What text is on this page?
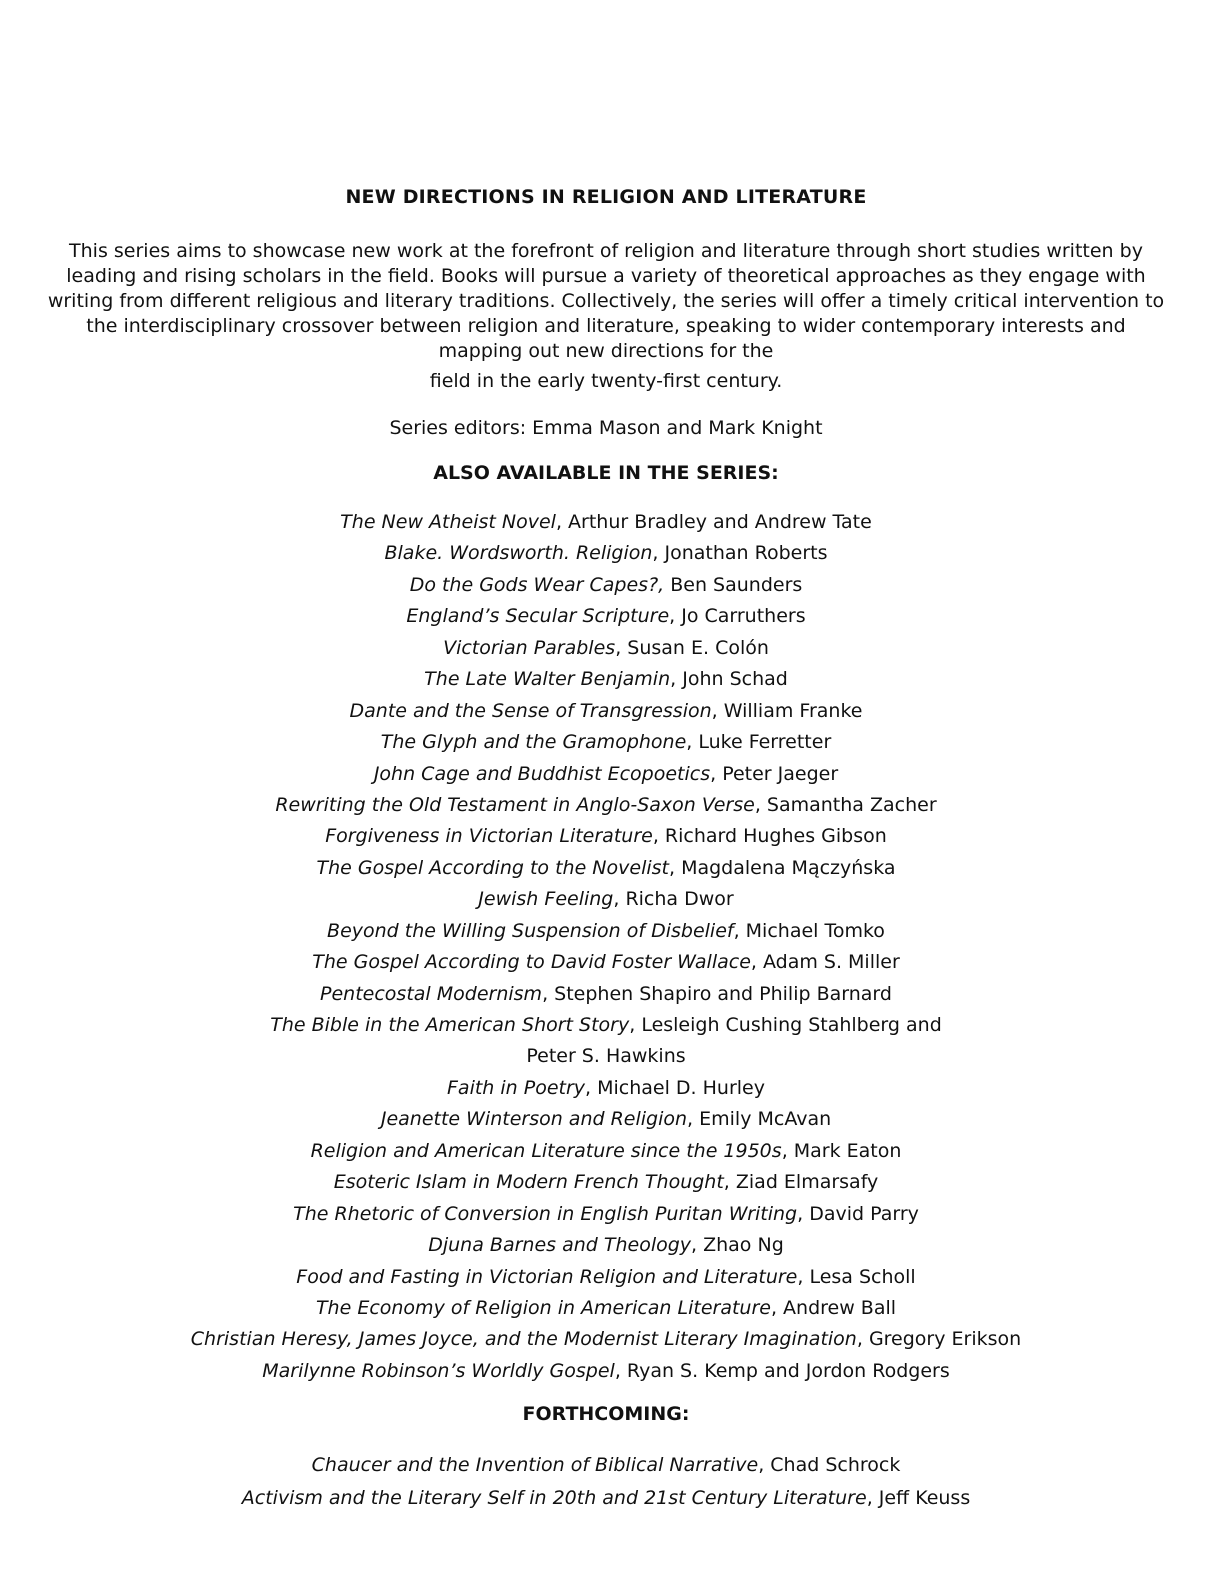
NEW DIRECTIONS IN RELIGION AND LITERATURE
This series aims to showcase new work at the forefront of religion and literature through short studies written by leading and rising scholars in the field. Books will pursue a variety of theoretical approaches as they engage with writing from different religious and literary traditions. Collectively, the series will offer a timely critical intervention to the interdisciplinary crossover between religion and literature, speaking to wider contemporary interests and mapping out new directions for the
field in the early twenty-first century.
Series editors: Emma Mason and Mark Knight
ALSO AVAILABLE IN THE SERIES:
The New Atheist Novel, Arthur Bradley and Andrew Tate
Blake. Wordsworth. Religion, Jonathan Roberts
Do the Gods Wear Capes?, Ben Saunders
England’s Secular Scripture, Jo Carruthers
Victorian Parables, Susan E. Colón
The Late Walter Benjamin, John Schad
Dante and the Sense of Transgression, William Franke
The Glyph and the Gramophone, Luke Ferretter
John Cage and Buddhist Ecopoetics, Peter Jaeger
Rewriting the Old Testament in Anglo-Saxon Verse, Samantha Zacher
Forgiveness in Victorian Literature, Richard Hughes Gibson
The Gospel According to the Novelist, Magdalena Mączyńska
Jewish Feeling, Richa Dwor
Beyond the Willing Suspension of Disbelief, Michael Tomko
The Gospel According to David Foster Wallace, Adam S. Miller
Pentecostal Modernism, Stephen Shapiro and Philip Barnard
The Bible in the American Short Story, Lesleigh Cushing Stahlberg and
Peter S. Hawkins
Faith in Poetry, Michael D. Hurley
Jeanette Winterson and Religion, Emily McAvan
Religion and American Literature since the 1950s, Mark Eaton
Esoteric Islam in Modern French Thought, Ziad Elmarsafy
The Rhetoric of Conversion in English Puritan Writing, David Parry
Djuna Barnes and Theology, Zhao Ng
Food and Fasting in Victorian Religion and Literature, Lesa Scholl
The Economy of Religion in American Literature, Andrew Ball
Christian Heresy, James Joyce, and the Modernist Literary Imagination, Gregory Erikson
Marilynne Robinson’s Worldly Gospel, Ryan S. Kemp and Jordon Rodgers
FORTHCOMING:
Chaucer and the Invention of Biblical Narrative, Chad Schrock
Activism and the Literary Self in 20th and 21st Century Literature, Jeff Keuss
